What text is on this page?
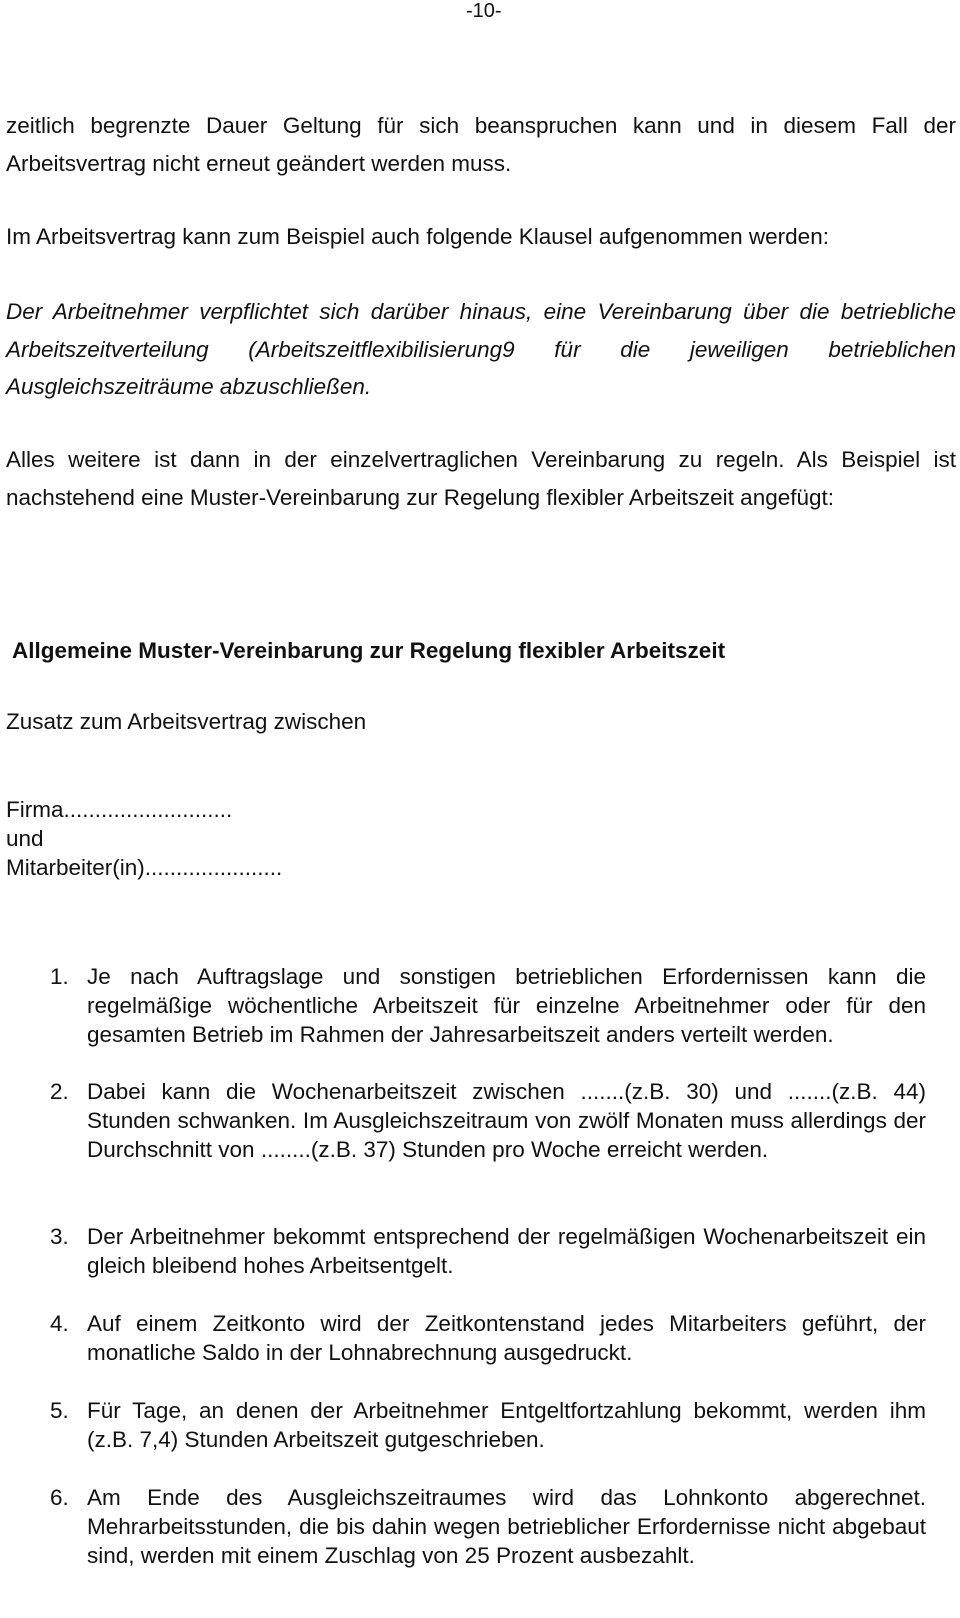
-10-
zeitlich begrenzte Dauer Geltung für sich beanspruchen kann und in diesem Fall der Arbeitsvertrag nicht erneut geändert werden muss.
Im Arbeitsvertrag kann zum Beispiel auch folgende Klausel aufgenommen werden:
Der Arbeitnehmer verpflichtet sich darüber hinaus, eine Vereinbarung über die betriebliche Arbeitszeitverteilung (Arbeitszeitflexibilisierung9 für die jeweiligen betrieblichen Ausgleichszeiträume abzuschließen.
Alles weitere ist dann in der einzelvertraglichen Vereinbarung zu regeln. Als Beispiel ist nachstehend eine Muster-Vereinbarung zur Regelung flexibler Arbeitszeit angefügt:
Allgemeine Muster-Vereinbarung zur Regelung flexibler Arbeitszeit
Zusatz zum Arbeitsvertrag zwischen
Firma...........................
und
Mitarbeiter(in)......................
1. Je nach Auftragslage und sonstigen betrieblichen Erfordernissen kann die regelmäßige wöchentliche Arbeitszeit für einzelne Arbeitnehmer oder für den gesamten Betrieb im Rahmen der Jahresarbeitszeit anders verteilt werden.
2. Dabei kann die Wochenarbeitszeit zwischen .......(z.B. 30) und .......(z.B. 44) Stunden schwanken. Im Ausgleichszeitraum von zwölf Monaten muss allerdings der Durchschnitt von ........(z.B. 37) Stunden pro Woche erreicht werden.
3. Der Arbeitnehmer bekommt entsprechend der regelmäßigen Wochenarbeitszeit ein gleich bleibend hohes Arbeitsentgelt.
4. Auf einem Zeitkonto wird der Zeitkontenstand jedes Mitarbeiters geführt, der monatliche Saldo in der Lohnabrechnung ausgedruckt.
5. Für Tage, an denen der Arbeitnehmer Entgeltfortzahlung bekommt, werden ihm (z.B. 7,4) Stunden Arbeitszeit gutgeschrieben.
6. Am Ende des Ausgleichszeitraumes wird das Lohnkonto abgerechnet. Mehrarbeitsstunden, die bis dahin wegen betrieblicher Erfordernisse nicht abgebaut sind, werden mit einem Zuschlag von 25 Prozent ausbezahlt.
